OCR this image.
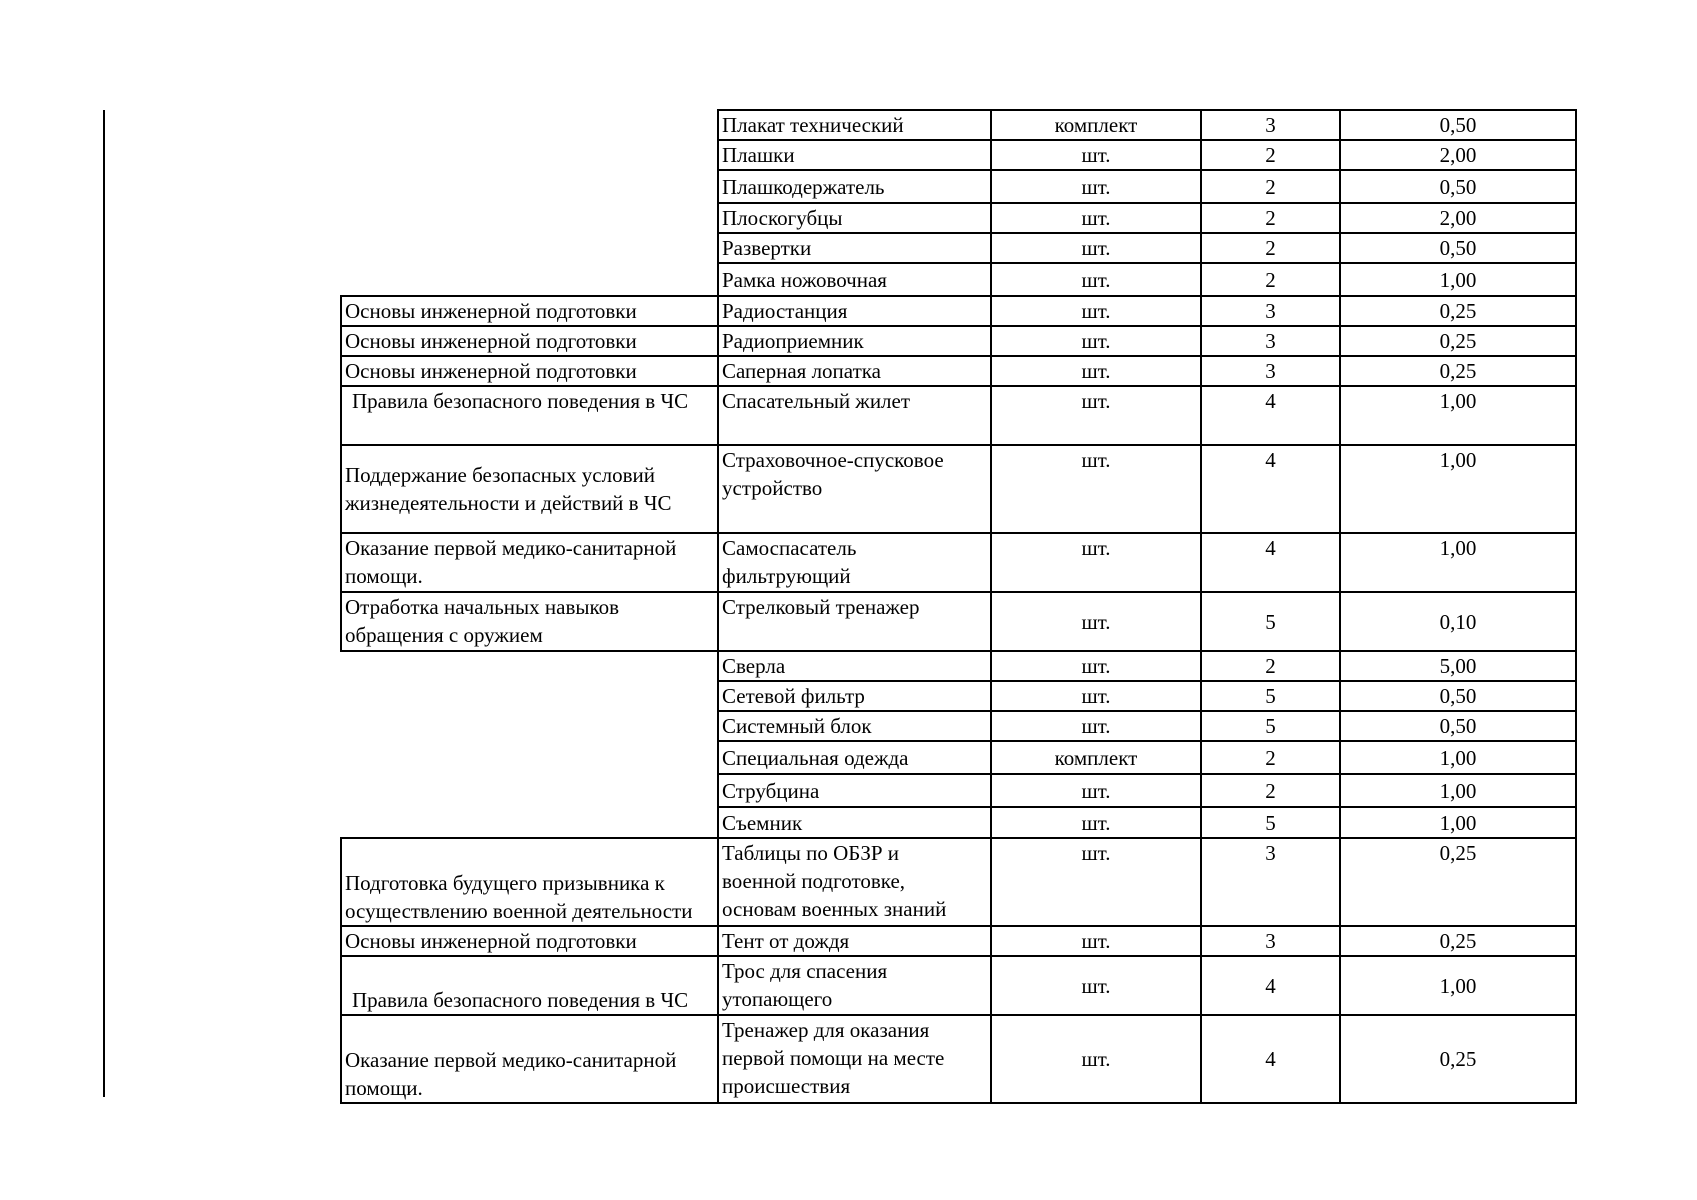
	Плакат технический	комплект	3	0,50

	Плашки	шт.	2	2,00

	Плашкодержатель	шт.	2	0,50

	Плоскогубцы	шт.	2	2,00

	Развертки	шт.	2	0,50

	Рамка ножовочная	шт.	2	1,00

Основы инженерной подготовки	Радиостанция	шт.	3	0,25

Основы инженерной подготовки	Радиоприемник	шт.	3	0,25

Основы инженерной подготовки	Саперная лопатка	шт.	3	0,25

Правила безопасного поведения в ЧС	Спасательный жилет	шт.	4	1,00

Поддержание безопасных условий
жизнедеятельности и действий в ЧС	Страховочное-спусковое
устройство	шт.	4	1,00

Оказание первой медико-санитарной
помощи.	Самоспасатель
фильтрующий	шт.	4	1,00

Отработка начальных навыков
обращения с оружием	Стрелковый тренажер	шт.	5	0,10

	Сверла	шт.	2	5,00

	Сетевой фильтр	шт.	5	0,50

	Системный блок	шт.	5	0,50

	Специальная одежда	комплект	2	1,00

	Струбцина	шт.	2	1,00

	Съемник	шт.	5	1,00

Подготовка будущего призывника к
осуществлению военной деятельности	Таблицы по ОБЗР и
военной подготовке,
основам военных знаний	шт.	3	0,25

Основы инженерной подготовки	Тент от дождя	шт.	3	0,25

Правила безопасного поведения в ЧС	Трос для спасения
утопающего	шт.	4	1,00

Оказание первой медико-санитарной
помощи.	Тренажер для оказания
первой помощи на месте
происшествия	шт.	4	0,25
